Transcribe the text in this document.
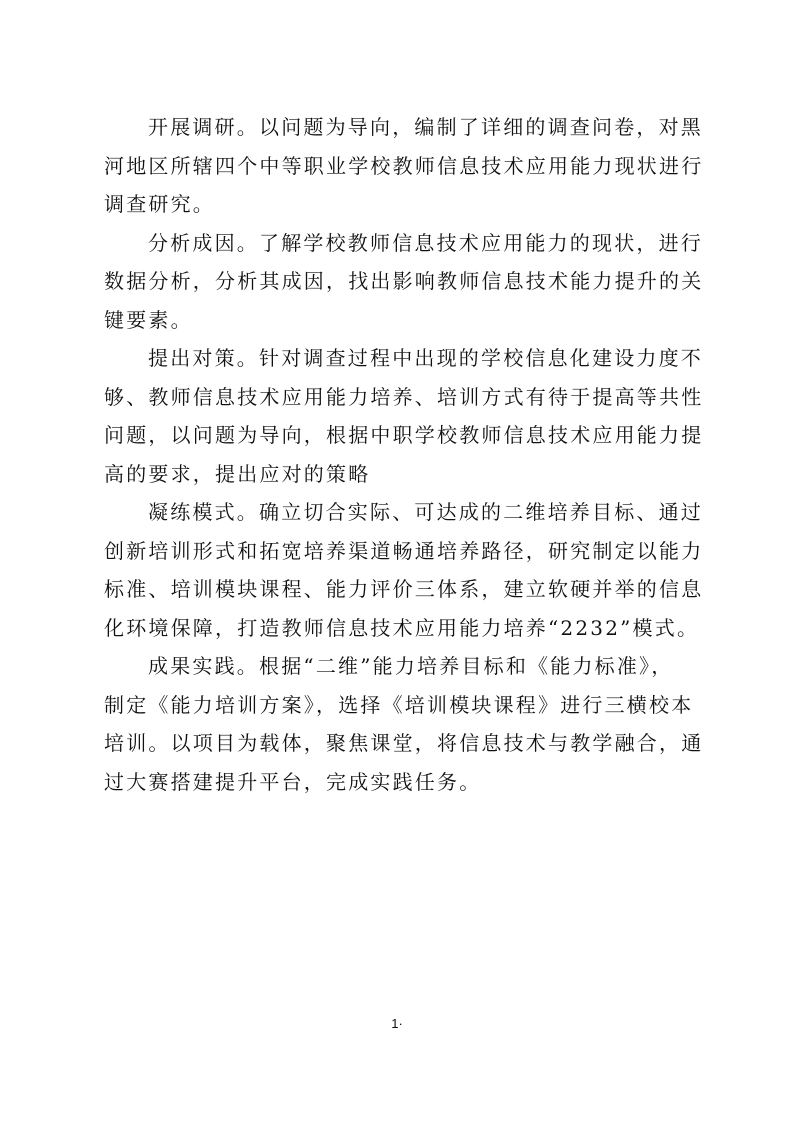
开展调研。以问题为导向，编制了详细的调查问卷，对黑
河地区所辖四个中等职业学校教师信息技术应用能力现状进行
调查研究。

分析成因。了解学校教师信息技术应用能力的现状，进行
数据分析，分析其成因，找出影响教师信息技术能力提升的关
键要素。

提出对策。针对调查过程中出现的学校信息化建设力度不
够、教师信息技术应用能力培养、培训方式有待于提高等共性
问题，以问题为导向，根据中职学校教师信息技术应用能力提
高的要求，提出应对的策略

凝练模式。确立切合实际、可达成的二维培养目标、通过
创新培训形式和拓宽培养渠道畅通培养路径，研究制定以能力
标准、培训模块课程、能力评价三体系，建立软硬并举的信息
化环境保障，打造教师信息技术应用能力培养“2232”模式。

成果实践。根据“二维”能力培养目标和《能力标准》，
制定《能力培训方案》，选择《培训模块课程》进行三横校本
培训。以项目为载体，聚焦课堂，将信息技术与教学融合，通
过大赛搭建提升平台，完成实践任务。

1·
